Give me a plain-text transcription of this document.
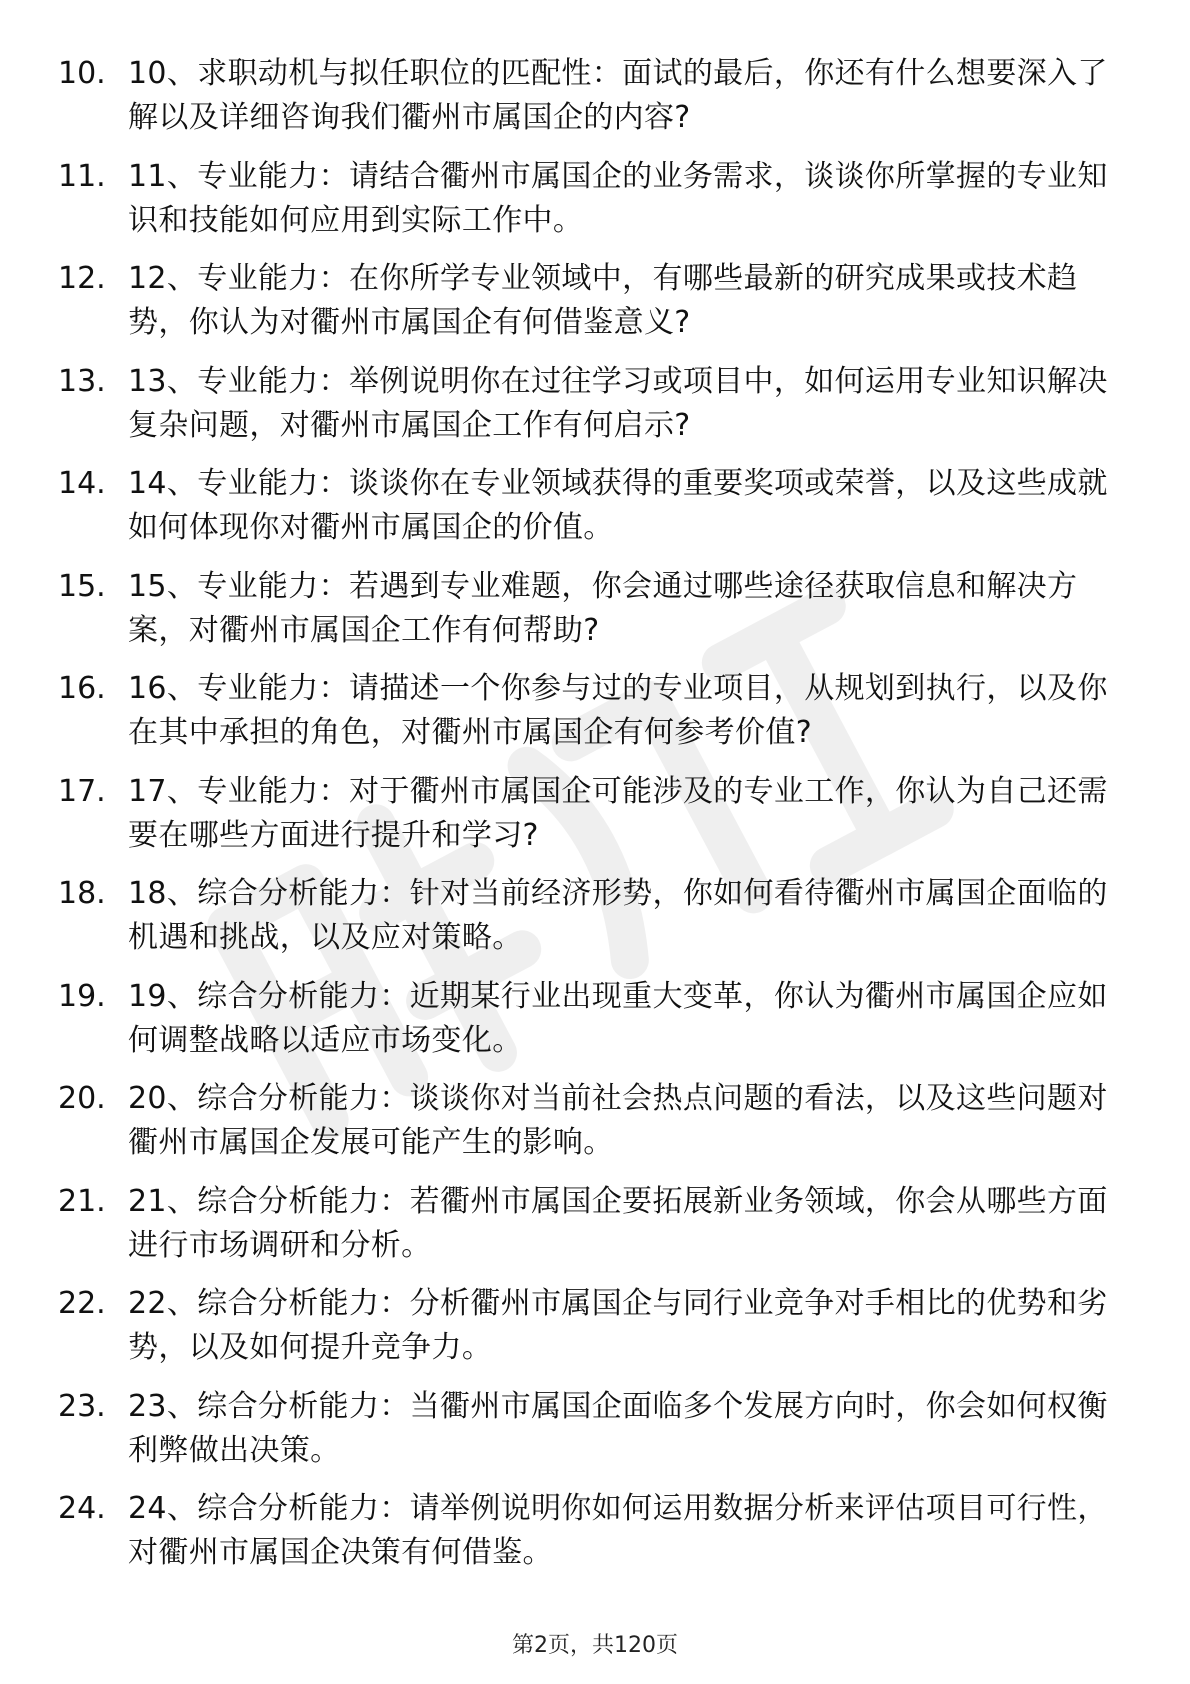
10. 10、求职动机与拟任职位的匹配性：面试的最后，你还有什么想要深入了解以及详细咨询我们衢州市属国企的内容?
11. 11、专业能力：请结合衢州市属国企的业务需求，谈谈你所掌握的专业知识和技能如何应用到实际工作中。
12. 12、专业能力：在你所学专业领域中，有哪些最新的研究成果或技术趋势，你认为对衢州市属国企有何借鉴意义?
13. 13、专业能力：举例说明你在过往学习或项目中，如何运用专业知识解决复杂问题，对衢州市属国企工作有何启示?
14. 14、专业能力：谈谈你在专业领域获得的重要奖项或荣誉，以及这些成就如何体现你对衢州市属国企的价值。
15. 15、专业能力：若遇到专业难题，你会通过哪些途径获取信息和解决方案，对衢州市属国企工作有何帮助?
16. 16、专业能力：请描述一个你参与过的专业项目，从规划到执行，以及你在其中承担的角色，对衢州市属国企有何参考价值?
17. 17、专业能力：对于衢州市属国企可能涉及的专业工作，你认为自己还需要在哪些方面进行提升和学习?
18. 18、综合分析能力：针对当前经济形势，你如何看待衢州市属国企面临的机遇和挑战，以及应对策略。
19. 19、综合分析能力：近期某行业出现重大变革，你认为衢州市属国企应如何调整战略以适应市场变化。
20. 20、综合分析能力：谈谈你对当前社会热点问题的看法，以及这些问题对衢州市属国企发展可能产生的影响。
21. 21、综合分析能力：若衢州市属国企要拓展新业务领域，你会从哪些方面进行市场调研和分析。
22. 22、综合分析能力：分析衢州市属国企与同行业竞争对手相比的优势和劣势，以及如何提升竞争力。
23. 23、综合分析能力：当衢州市属国企面临多个发展方向时，你会如何权衡利弊做出决策。
24. 24、综合分析能力：请举例说明你如何运用数据分析来评估项目可行性，对衢州市属国企决策有何借鉴。
第2页，共120页
